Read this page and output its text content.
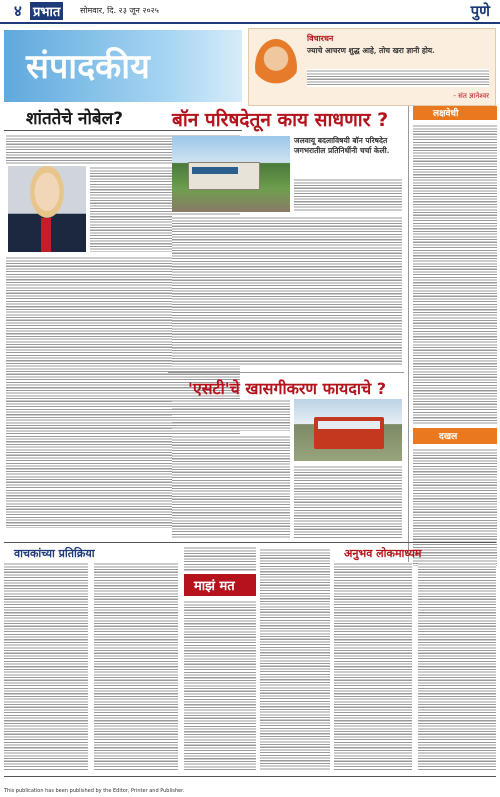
४ प्रभात	सोमवार, दि. २३ जून २०२५	पुणे
संपादकीय
विचारधन
ज्याचे आचरण शुद्ध आहे, तोच खरा ज्ञानी होय.
- संत ज्ञानेश्वर
शांततेचे नोबेल?	बॉन परिषदेतून काय साधणार ?
जलवायू बदलाविषयी बॉन परिषदेत जगभरातील प्रतिनिधींनी चर्चा केली.
लक्षवेधी
दखल
'एसटी'चे खासगीकरण फायदाचे ?
वाचकांच्या प्रतिक्रिया
माझं मत
अनुभव लोकमाध्यम
This publication has been published by the Editor, Printer and Publisher.
